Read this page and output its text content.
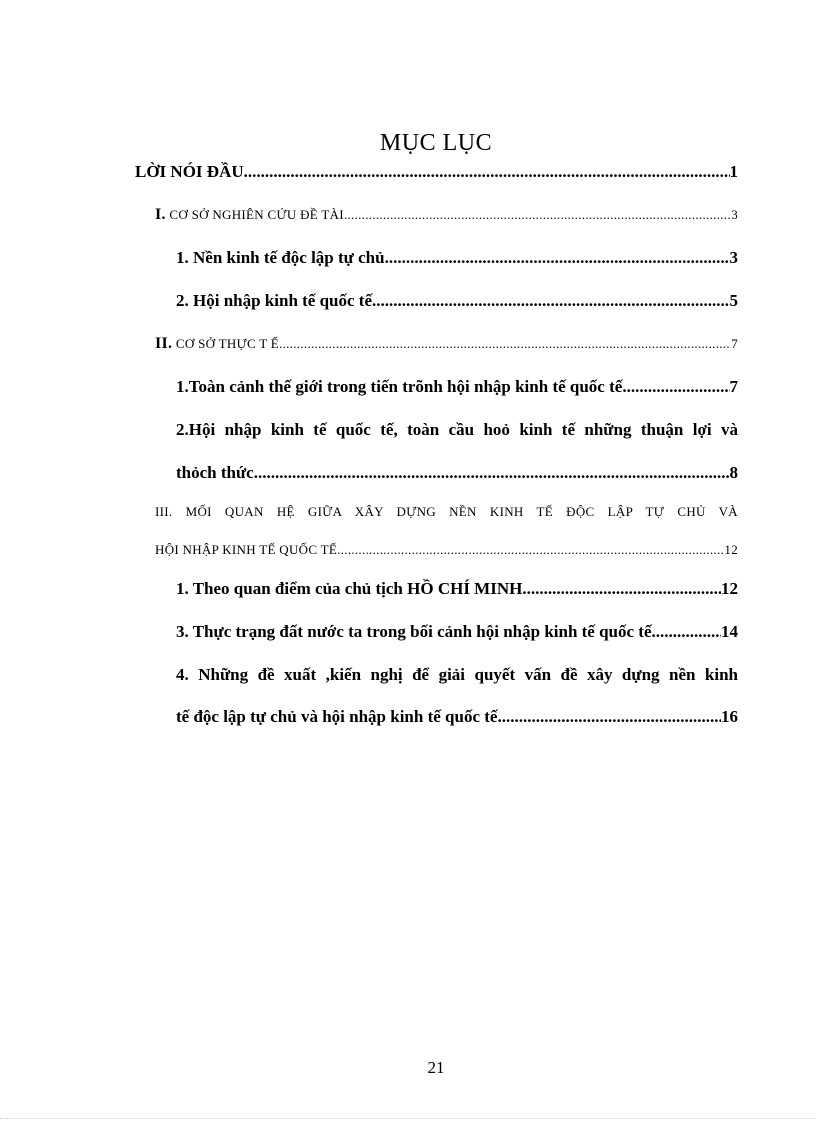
MỤC LỤC
LỜI NÓI ĐẦU .....	1
I. CƠ SỞ NGHIÊN CỨU ĐỀ TÀI .....	3
1. Nền kinh tế độc lập tự chủ .....	3
2. Hội nhập kinh tế quốc tế .....	5
II. CƠ SỞ THỰC T Ế .....	7
1.Toàn cảnh thế giới trong tiến trõnh hội nhập kinh tế quốc tế .....	7
2.Hội nhập kinh tế quốc tế, toàn cầu hoỏ kinh tế những thuận lợi và
thỏch thức .....	8
III. MỐI QUAN HỆ GIỮA XÂY DỰNG NỀN KINH TẾ ĐỘC LẬP TỰ CHỦ VÀ
HỘI NHẬP KINH TẾ QUỐC TẾ .....	12
1. Theo quan điểm của chủ tịch HỒ CHÍ MINH .....	12
3. Thực trạng đất nước ta trong bối cảnh hội nhập kinh tế quốc tế .....	14
4. Những đề xuất ,kiến nghị để giải quyết vấn đề xây dựng nền kinh
tế độc lập tự chủ và hội nhập kinh tế quốc tế .....	16
21
